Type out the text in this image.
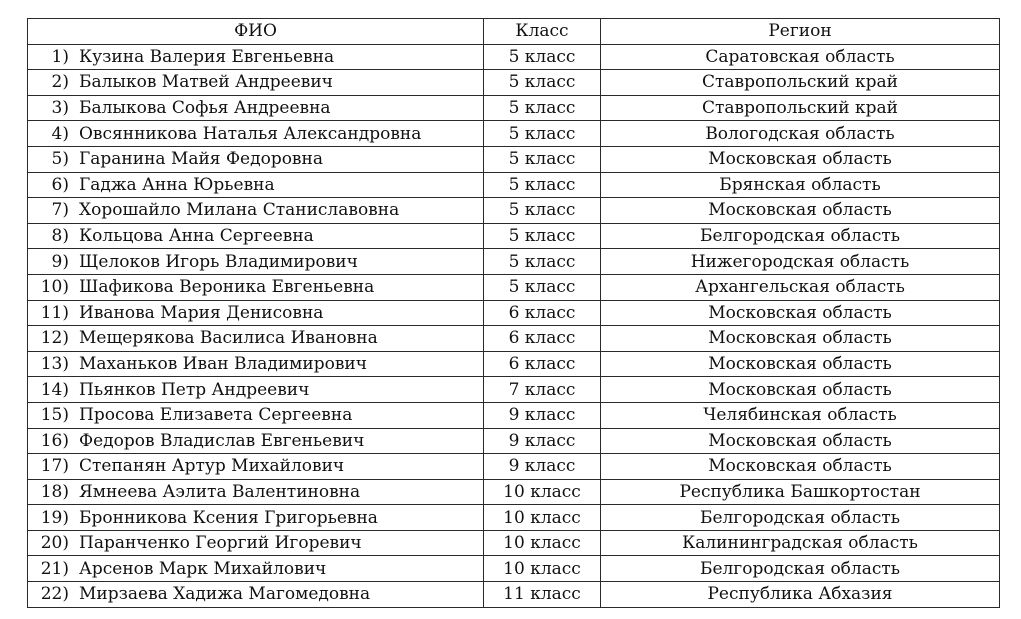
ФИО	Класс	Регион
1) Кузина Валерия Евгеньевна	5 класс	Саратовская область
2) Балыков Матвей Андреевич	5 класс	Ставропольский край
3) Балыкова Софья Андреевна	5 класс	Ставропольский край
4) Овсянникова Наталья Александровна	5 класс	Вологодская область
5) Гаранина Майя Федоровна	5 класс	Московская область
6) Гаджа Анна Юрьевна	5 класс	Брянская область
7) Хорошайло Милана Станиславовна	5 класс	Московская область
8) Кольцова Анна Сергеевна	5 класс	Белгородская область
9) Щелоков Игорь Владимирович	5 класс	Нижегородская область
10) Шафикова Вероника Евгеньевна	5 класс	Архангельская область
11) Иванова Мария Денисовна	6 класс	Московская область
12) Мещерякова Василиса Ивановна	6 класс	Московская область
13) Маханьков Иван Владимирович	6 класс	Московская область
14) Пьянков Петр Андреевич	7 класс	Московская область
15) Просова Елизавета Сергеевна	9 класс	Челябинская область
16) Федоров Владислав Евгеньевич	9 класс	Московская область
17) Степанян Артур Михайлович	9 класс	Московская область
18) Ямнеева Аэлита Валентиновна	10 класс	Республика Башкортостан
19) Бронникова Ксения Григорьевна	10 класс	Белгородская область
20) Паранченко Георгий Игоревич	10 класс	Калининградская область
21) Арсенов Марк Михайлович	10 класс	Белгородская область
22) Мирзаева Хадижа Магомедовна	11 класс	Республика Абхазия
